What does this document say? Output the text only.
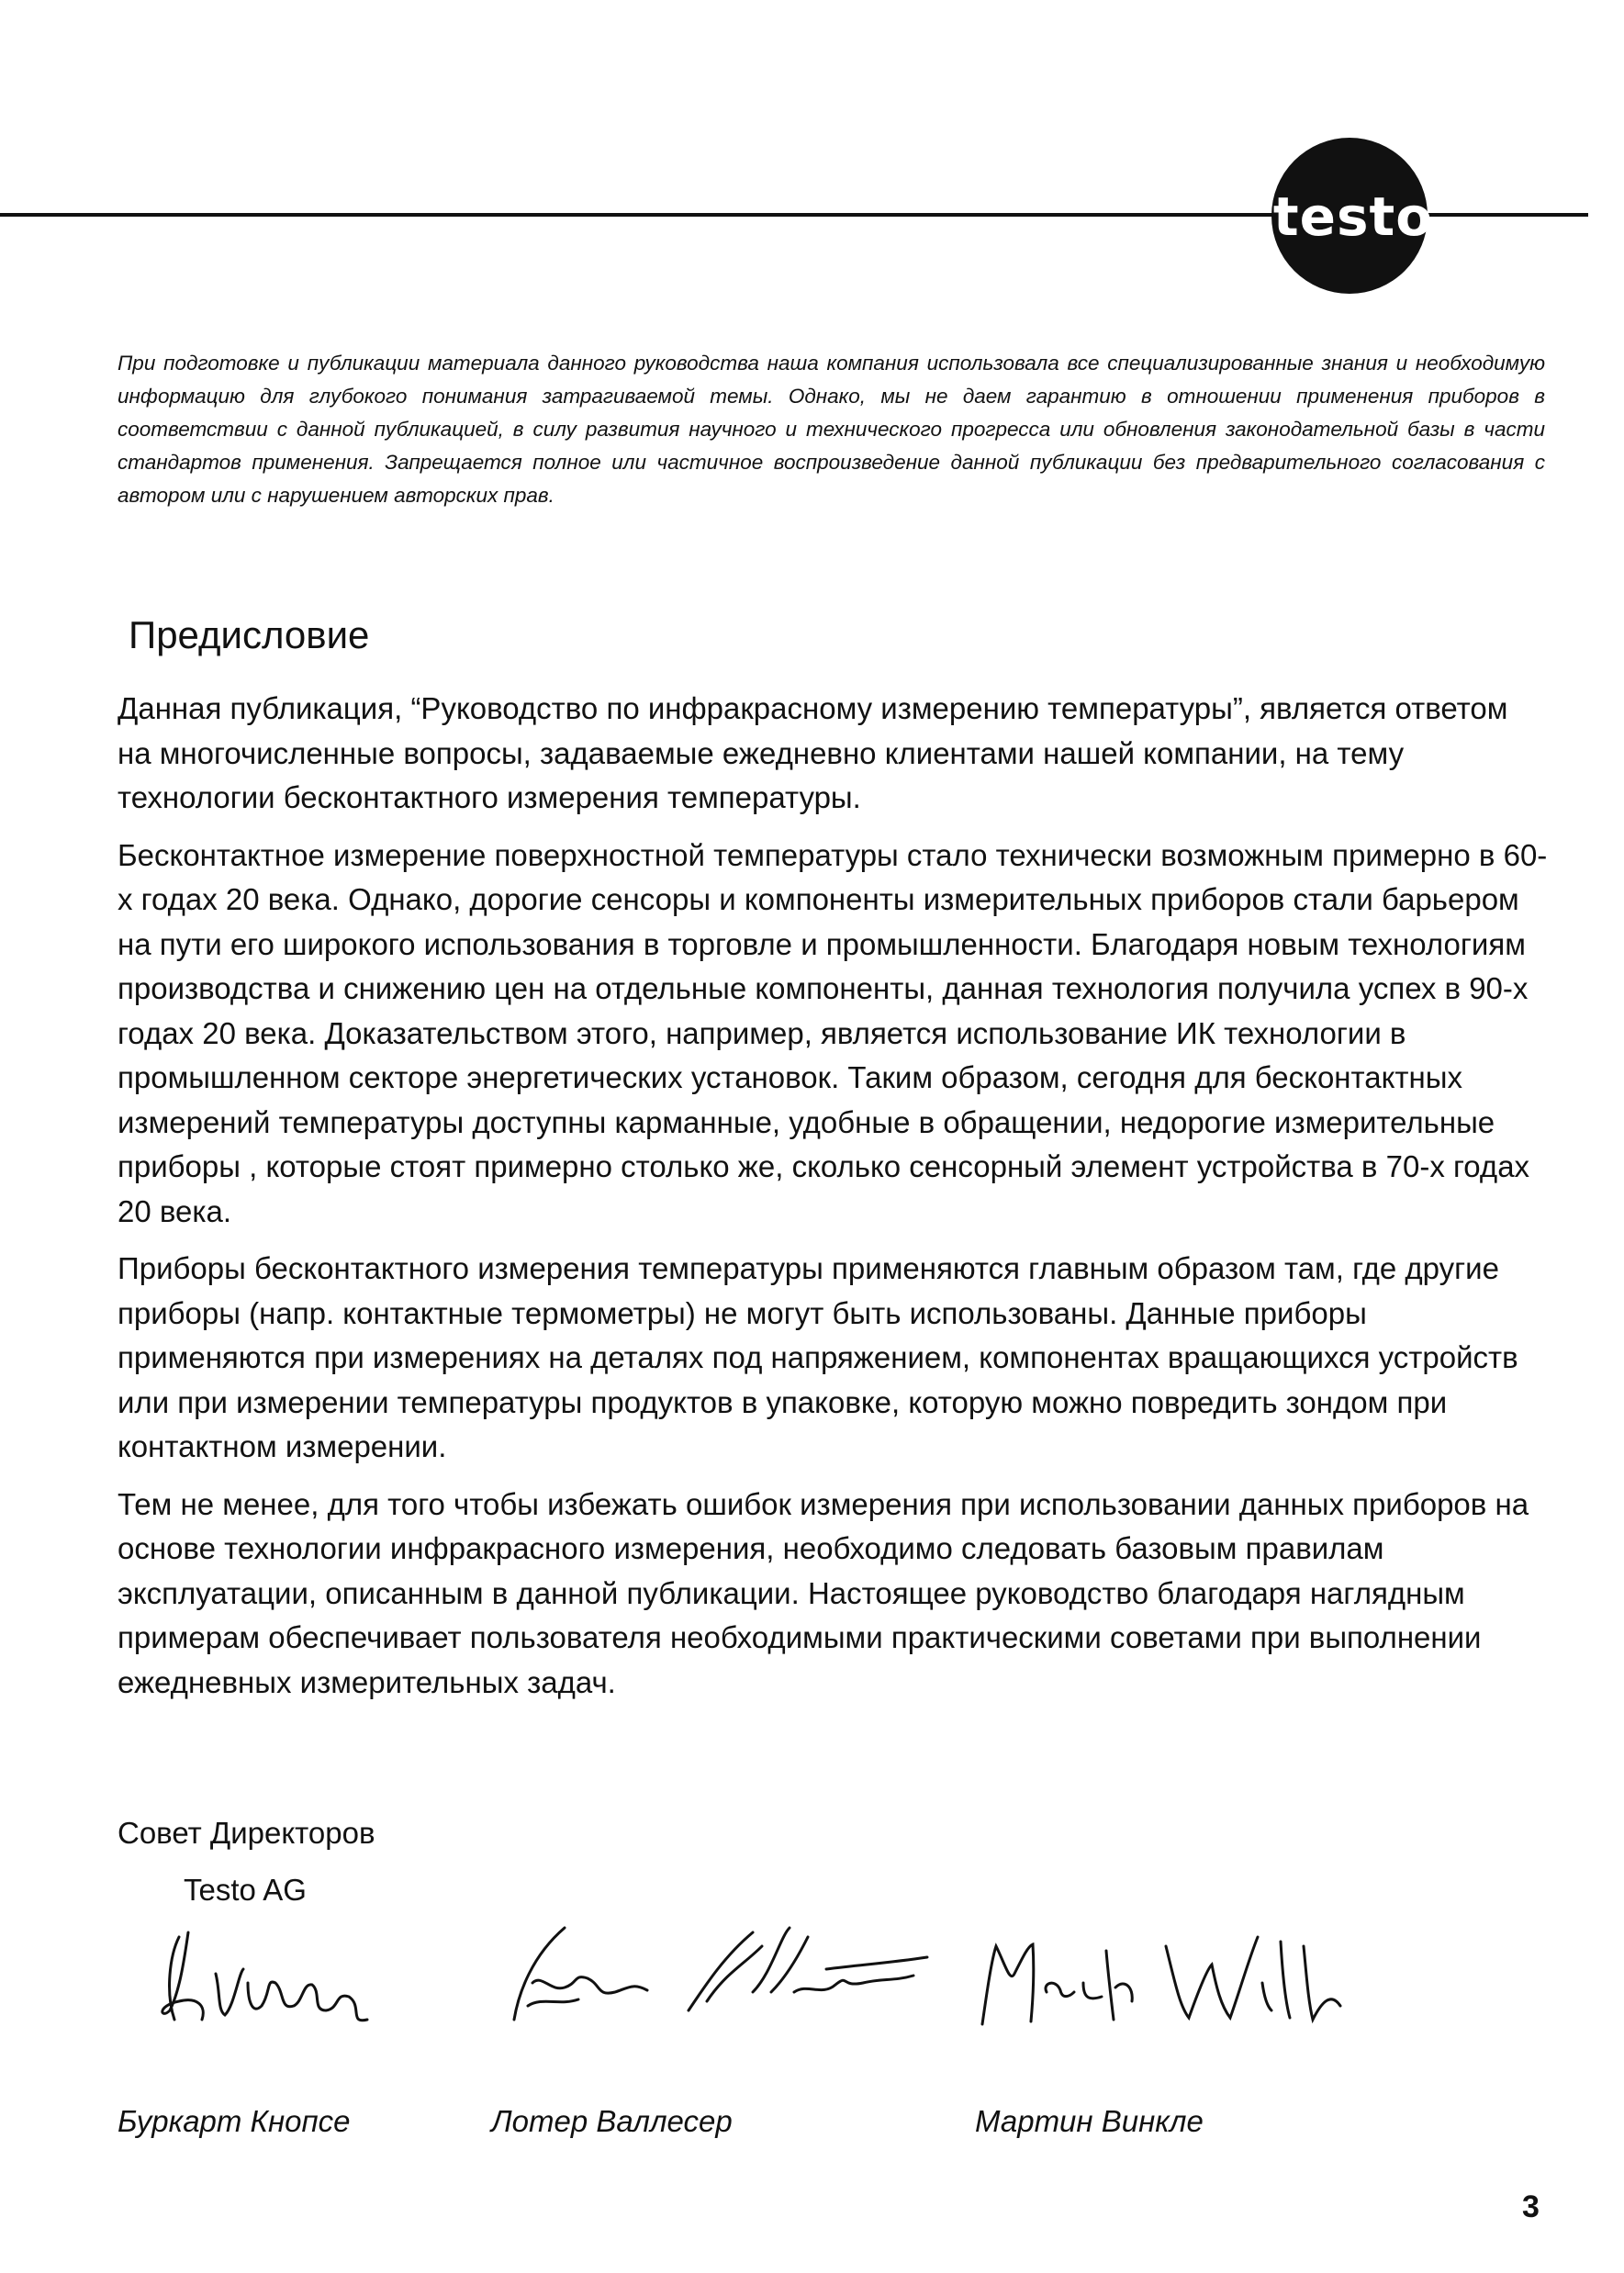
testo
При подготовке и публикации материала данного руководства наша компания использовала все специализированные знания и необходимую информацию для глубокого понимания затрагиваемой темы. Однако, мы не даем гарантию в отношении применения приборов в соответствии с данной публикацией, в силу развития научного и технического прогресса или обновления законодательной базы в части стандартов применения. Запрещается полное или частичное воспроизведение данной публикации без предварительного согласования с автором или с нарушением авторских прав.
Предисловие

Данная публикация, “Руководство по инфракрасному измерению температуры”, является ответом на многочисленные вопросы, задаваемые ежедневно клиентами нашей компании, на тему технологии бесконтактного измерения температуры.

Бесконтактное измерение поверхностной температуры стало технически возможным примерно в 60-х годах 20 века. Однако, дорогие сенсоры и компоненты измерительных приборов стали барьером на пути его широкого использования в торговле и промышленности. Благодаря новым технологиям производства и снижению цен на отдельные компоненты, данная технология получила успех в 90-х годах 20 века. Доказательством этого, например, является использование ИК технологии в промышленном секторе энергетических установок. Таким образом, сегодня для бесконтактных измерений температуры доступны карманные, удобные в обращении, недорогие измерительные приборы , которые стоят примерно столько же, сколько сенсорный элемент устройства в 70-х годах 20 века.

Приборы бесконтактного измерения температуры применяются главным образом там, где другие приборы (напр. контактные термометры) не могут быть использованы. Данные приборы применяются при измерениях на деталях под напряжением, компонентах вращающихся устройств или при измерении температуры продуктов в упаковке, которую можно повредить зондом при контактном измерении.

Тем не менее, для того чтобы избежать ошибок измерения при использовании данных приборов на основе технологии инфракрасного измерения, необходимо следовать базовым правилам эксплуатации, описанным в данной публикации. Настоящее руководство благодаря наглядным примерам обеспечивает пользователя необходимыми практическими советами при выполнении ежедневных измерительных задач.

Совет Директоров
Testo AG
Буркарт Кнопсе	Лотер Валлесер	Мартин Винкле
3
